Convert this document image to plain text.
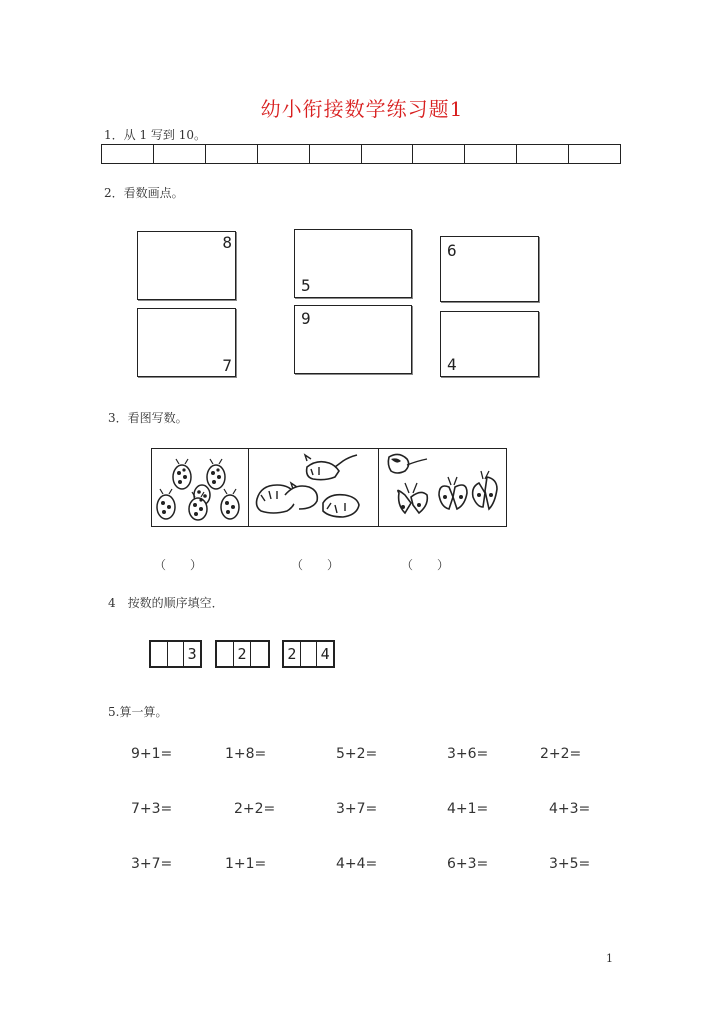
幼小衔接数学练习题1
1．从 1 写到 10。
2．看数画点。
8
5
6
7
9
4
3．看图写数。
（　　）	（　　）	（　　）
4　按数的顺序填空．
3	2	2 4
5.算一算。
9+1=	1+8=	5+2=	3+6=	2+2=
7+3=	2+2=	3+7=	4+1=	4+3=
3+7=	1+1=	4+4=	6+3=	3+5=
1
